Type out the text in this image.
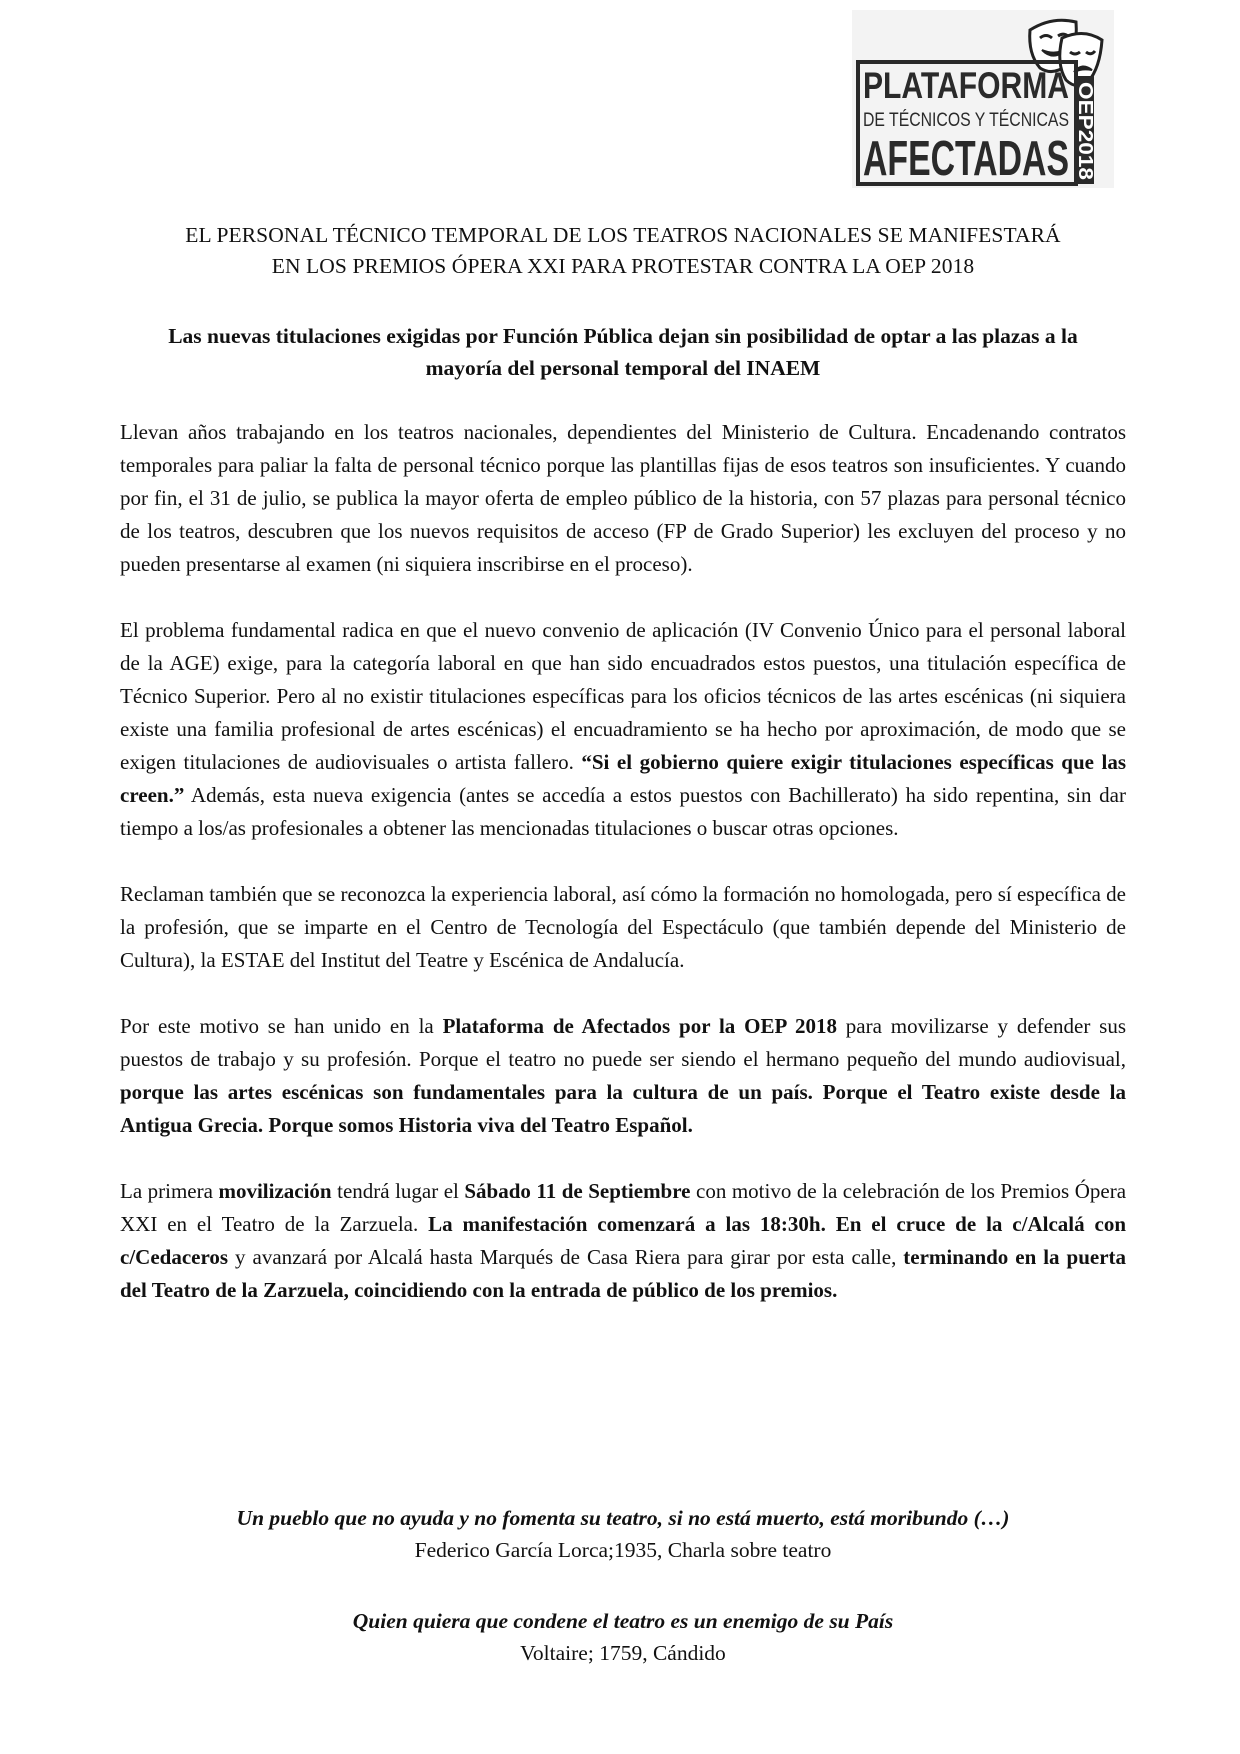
PLATAFORMA
DE TÉCNICOS Y TÉCNICAS
AFECTADAS OEP2018
EL PERSONAL TÉCNICO TEMPORAL DE LOS TEATROS NACIONALES SE MANIFESTARÁ
EN LOS PREMIOS ÓPERA XXI PARA PROTESTAR CONTRA LA OEP 2018
Las nuevas titulaciones exigidas por Función Pública dejan sin posibilidad de optar a las plazas a la
mayoría del personal temporal del INAEM

Llevan años trabajando en los teatros nacionales, dependientes del Ministerio de Cultura. Encadenando contratos temporales para paliar la falta de personal técnico porque las plantillas fijas de esos teatros son insuficientes. Y cuando por fin, el 31 de julio, se publica la mayor oferta de empleo público de la historia, con 57 plazas para personal técnico de los teatros, descubren que los nuevos requisitos de acceso (FP de Grado Superior) les excluyen del proceso y no pueden presentarse al examen (ni siquiera inscribirse en el proceso).

El problema fundamental radica en que el nuevo convenio de aplicación (IV Convenio Único para el personal laboral de la AGE) exige, para la categoría laboral en que han sido encuadrados estos puestos, una titulación específica de Técnico Superior. Pero al no existir titulaciones específicas para los oficios técnicos de las artes escénicas (ni siquiera existe una familia profesional de artes escénicas) el encuadramiento se ha hecho por aproximación, de modo que se exigen titulaciones de audiovisuales o artista fallero. “Si el gobierno quiere exigir titulaciones específicas que las creen.” Además, esta nueva exigencia (antes se accedía a estos puestos con Bachillerato) ha sido repentina, sin dar tiempo a los/as profesionales a obtener las mencionadas titulaciones o buscar otras opciones.

Reclaman también que se reconozca la experiencia laboral, así cómo la formación no homologada, pero sí específica de la profesión, que se imparte en el Centro de Tecnología del Espectáculo (que también depende del Ministerio de Cultura), la ESTAE del Institut del Teatre y Escénica de Andalucía.

Por este motivo se han unido en la Plataforma de Afectados por la OEP 2018 para movilizarse y defender sus puestos de trabajo y su profesión. Porque el teatro no puede ser siendo el hermano pequeño del mundo audiovisual, porque las artes escénicas son fundamentales para la cultura de un país. Porque el Teatro existe desde la Antigua Grecia. Porque somos Historia viva del Teatro Español.

La primera movilización tendrá lugar el Sábado 11 de Septiembre con motivo de la celebración de los Premios Ópera XXI en el Teatro de la Zarzuela. La manifestación comenzará a las 18:30h. En el cruce de la c/Alcalá con c/Cedaceros y avanzará por Alcalá hasta Marqués de Casa Riera para girar por esta calle, terminando en la puerta del Teatro de la Zarzuela, coincidiendo con la entrada de público de los premios.

Un pueblo que no ayuda y no fomenta su teatro, si no está muerto, está moribundo (…)
Federico García Lorca;1935, Charla sobre teatro
Quien quiera que condene el teatro es un enemigo de su País
Voltaire; 1759, Cándido
